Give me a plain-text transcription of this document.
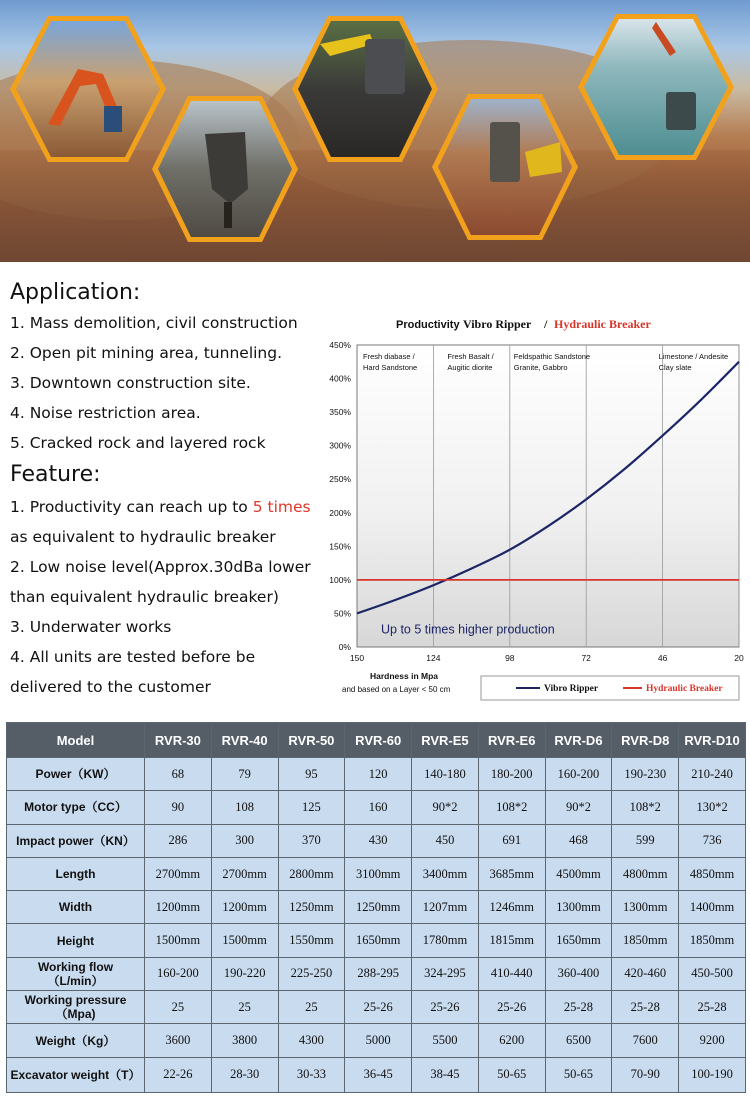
Application:
1. Mass demolition, civil construction
2. Open pit mining area, tunneling.
3. Downtown construction site.
4. Noise restriction area.
5. Cracked rock and layered rock
Feature:
1. Productivity can reach up to 5 times
as equivalent to hydraulic breaker
2. Low noise level(Approx.30dBa lower
than equivalent hydraulic breaker)
3. Underwater works
4. All units are tested before be
delivered to the customer
Productivity Vibro Ripper / Hydraulic Breaker
Fresh diabase /
Hard Sandstone
Fresh Basalt /
Augitic diorite
Feldspathic Sandstone
Granite, Gabbro
Limestone / Andesite
Clay slate
0%
50%
100%
150%
200%
250%
300%
350%
400%
450%
150	124	98	72	46	20
Up to 5 times higher production
Hardness in Mpa
and based on a Layer < 50 cm	Vibro Ripper	Hydraulic Breaker
Model	RVR-30	RVR-40	RVR-50	RVR-60	RVR-E5	RVR-E6	RVR-D6	RVR-D8	RVR-D10
Power（KW）	68	79	95	120	140-180	180-200	160-200	190-230	210-240
Motor type（CC）	90	108	125	160	90*2	108*2	90*2	108*2	130*2
Impact power（KN）	286	300	370	430	450	691	468	599	736
Length	2700mm	2700mm	2800mm	3100mm	3400mm	3685mm	4500mm	4800mm	4850mm
Width	1200mm	1200mm	1250mm	1250mm	1207mm	1246mm	1300mm	1300mm	1400mm
Height	1500mm	1500mm	1550mm	1650mm	1780mm	1815mm	1650mm	1850mm	1850mm
Working flow
（L/min）	160-200	190-220	225-250	288-295	324-295	410-440	360-400	420-460	450-500
Working pressure
（Mpa)	25	25	25	25-26	25-26	25-26	25-28	25-28	25-28
Weight（Kg）	3600	3800	4300	5000	5500	6200	6500	7600	9200
Excavator weight（T）	22-26	28-30	30-33	36-45	38-45	50-65	50-65	70-90	100-190
